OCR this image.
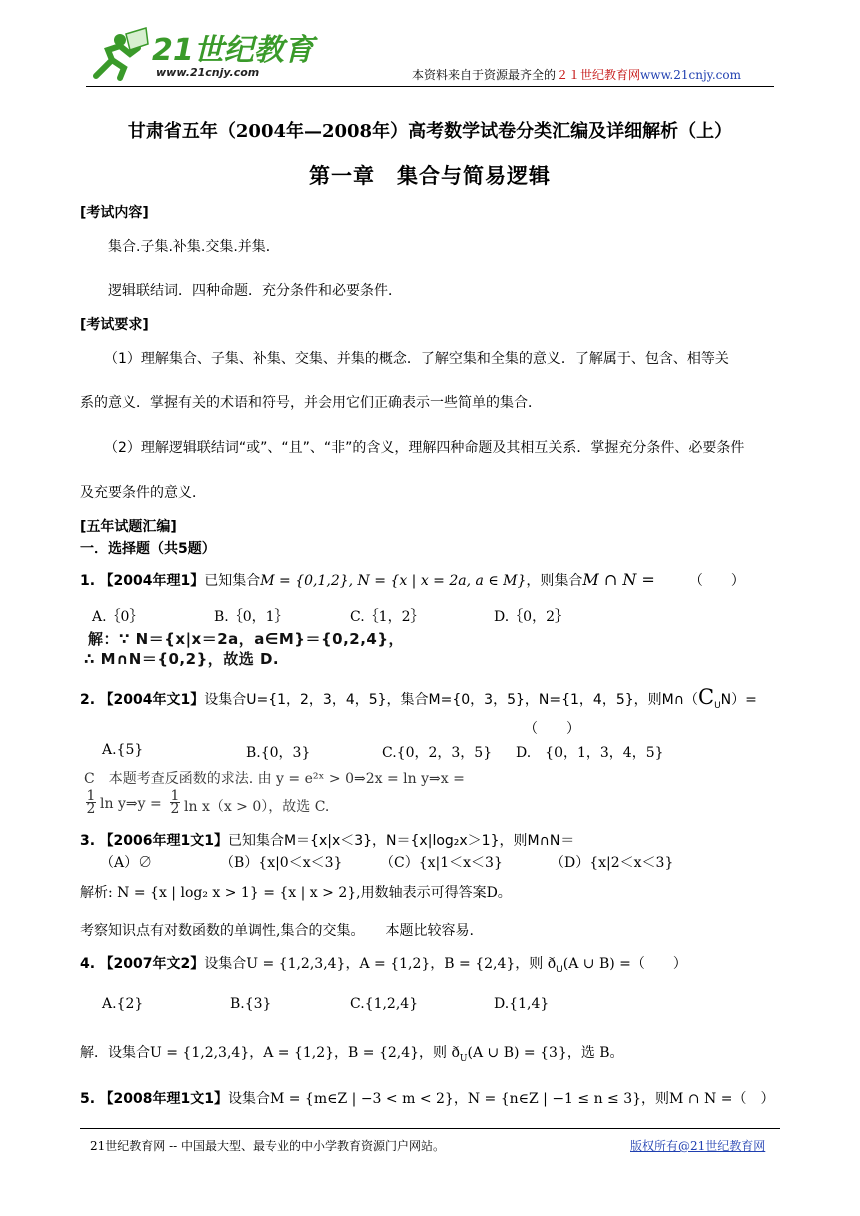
21世纪教育
www.21cnjy.com	本资料来自于资源最齐全的２１世纪教育网www.21cnjy.com
甘肃省五年（2004年—2008年）高考数学试卷分类汇编及详细解析（上）
第一章　集合与简易逻辑
[考试内容]
集合.子集.补集.交集.并集．
逻辑联结词．四种命题．充分条件和必要条件．
[考试要求]
（1）理解集合、子集、补集、交集、并集的概念．了解空集和全集的意义．了解属于、包含、相等关
系的意义．掌握有关的术语和符号，并会用它们正确表示一些简单的集合．
（2）理解逻辑联结词“或”、“且”、“非”的含义，理解四种命题及其相互关系．掌握充分条件、必要条件
及充要条件的意义．
[五年试题汇编]
一．选择题（共5题）
1. 【2004年理1】已知集合M = {0,1,2}, N = {x | x = 2a, a ∈ M}，则集合M ∩ N = （　　）
A.｛0｝	B.｛0，1｝	C.｛1，2｝	D.｛0，2｝
解：∵ N＝{x|x＝2a，a∈M}＝{0,2,4}，
∴ M∩N＝{0,2}，故选 D.
2. 【2004年文1】设集合U={1，2，3，4，5}，集合M={0，3，5}，N={1，4，5}，则$M\cap(C_UN)=$
（　　）
A.{5}	B.{0，3}	C.{0，2，3，5} D.　{0，1，3，4，5}
C　本题考查反函数的求法. 由 y = e²ˣ > 0⇒2x = ln y⇒x =
1
2 ln y⇒y = 1
2 ln x（x > 0），故选 C.
3. 【2006年理1文1】已知集合M＝{x|x＜3}，N＝{x|log₂x＞1}，则M∩N＝
（A）∅	（B）{x|0＜x＜3}	（C）{x|1＜x＜3}	（D）{x|2＜x＜3}
解析: N = {x | log₂ x > 1} = {x | x > 2},用数轴表示可得答案D。
考察知识点有对数函数的单调性,集合的交集。　　本题比较容易.
4. 【2007年文2】设集合U = {1,2,3,4}，A = {1,2}，B = {2,4}，则 $ð_U(A$ ∪ B) =（　　）
A.{2}	B.{3}	C.{1,2,4}	D.{1,4}
解．设集合U = {1,2,3,4}，A = {1,2}，B = {2,4}，则 $ð_U(A$ ∪ B) = {3}，选 B。
5. 【2008年理1文1】设集合M = {m∈Z | −3 < m < 2}，N = {n∈Z | −1 ≤ n ≤ 3}，则M ∩ N =（　）
21世纪教育网 -- 中国最大型、最专业的中小学教育资源门户网站。	版权所有@21世纪教育网
